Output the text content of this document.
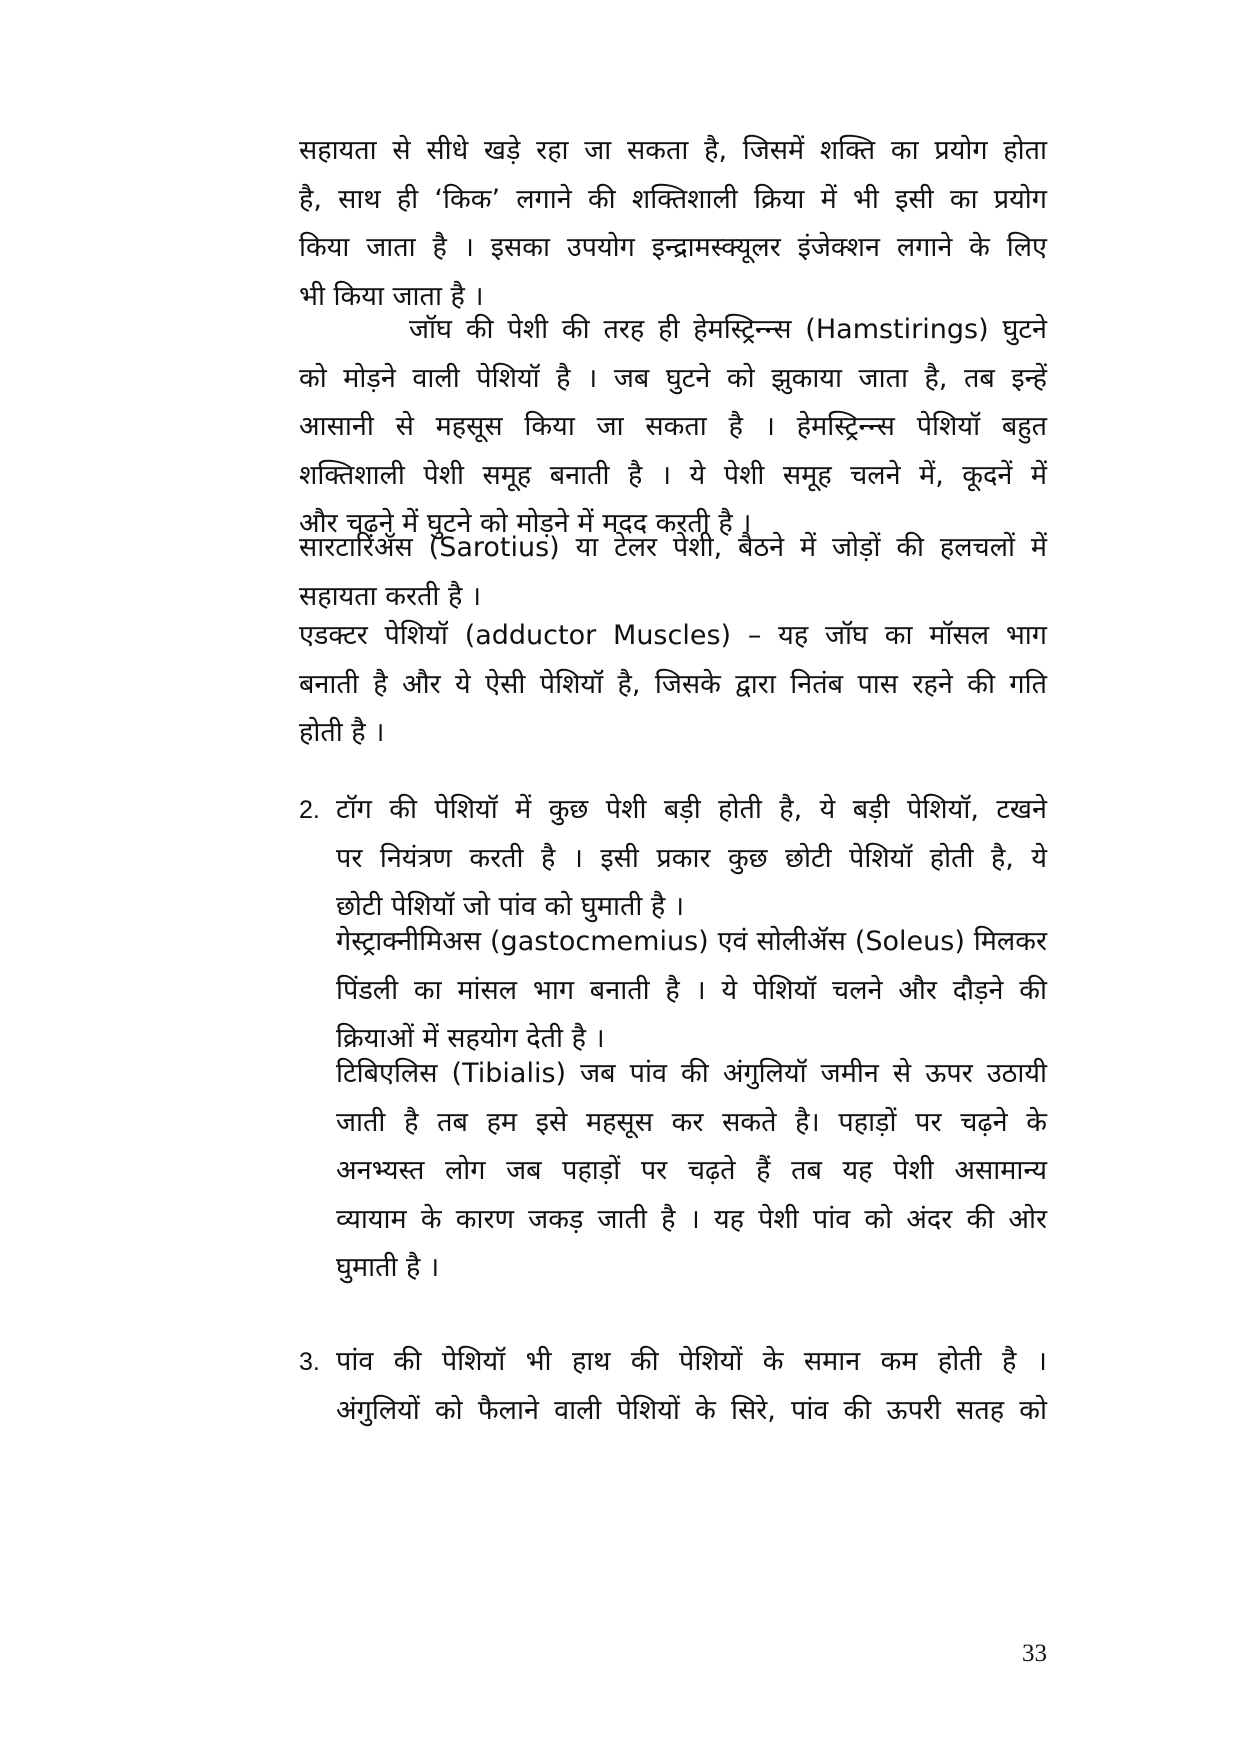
सहायता से सीधे खड़े रहा जा सकता है, जिसमें शक्ति का प्रयोग होता
है, साथ ही ‘किक’ लगाने की शक्तिशाली क्रिया में भी इसी का प्रयोग
किया जाता है । इसका उपयोग इन्द्रामस्क्यूलर इंजेक्शन लगाने के लिए
भी किया जाता है ।
जॉघ की पेशी की तरह ही हेमस्ट्रिन्न्स (Hamstirings) घुटने
को मोड़ने वाली पेशियॉ है । जब घुटने को झुकाया जाता है, तब इन्हें
आसानी से महसूस किया जा सकता है । हेमस्ट्रिन्न्स पेशियॉ बहुत
शक्तिशाली पेशी समूह बनाती है । ये पेशी समूह चलने में, कूदनें में
और चढ़ने में घुटने को मोड़ने में मदद करती है ।
सारटारिॲस (Sarotius) या टेलर पेशी, बैठने में जोड़ों की हलचलों में
सहायता करती है ।
एडक्टर पेशियॉ (adductor Muscles) – यह जॉघ का मॉसल भाग
बनाती है और ये ऐसी पेशियॉ है, जिसके द्वारा नितंब पास रहने की गति
होती है ।
2. टॉग की पेशियॉ में कुछ पेशी बड़ी होती है, ये बड़ी पेशियॉ, टखने
पर नियंत्रण करती है । इसी प्रकार कुछ छोटी पेशियॉ होती है, ये
छोटी पेशियॉ जो पांव को घुमाती है ।
गेस्ट्राक्नीमिअस (gastocmemius) एवं सोलीॲस (Soleus) मिलकर
पिंडली का मांसल भाग बनाती है । ये पेशियॉ चलने और दौड़ने की
क्रियाओं में सहयोग देती है ।
टिबिएलिस (Tibialis) जब पांव की अंगुलियॉ जमीन से ऊपर उठायी
जाती है तब हम इसे महसूस कर सकते है। पहाड़ों पर चढ़ने के
अनभ्यस्त लोग जब पहाड़ों पर चढ़ते हैं तब यह पेशी असामान्य
व्यायाम के कारण जकड़ जाती है । यह पेशी पांव को अंदर की ओर
घुमाती है ।
3. पांव की पेशियॉ भी हाथ की पेशियों के समान कम होती है ।
अंगुलियों को फैलाने वाली पेशियों के सिरे, पांव की ऊपरी सतह को
33
